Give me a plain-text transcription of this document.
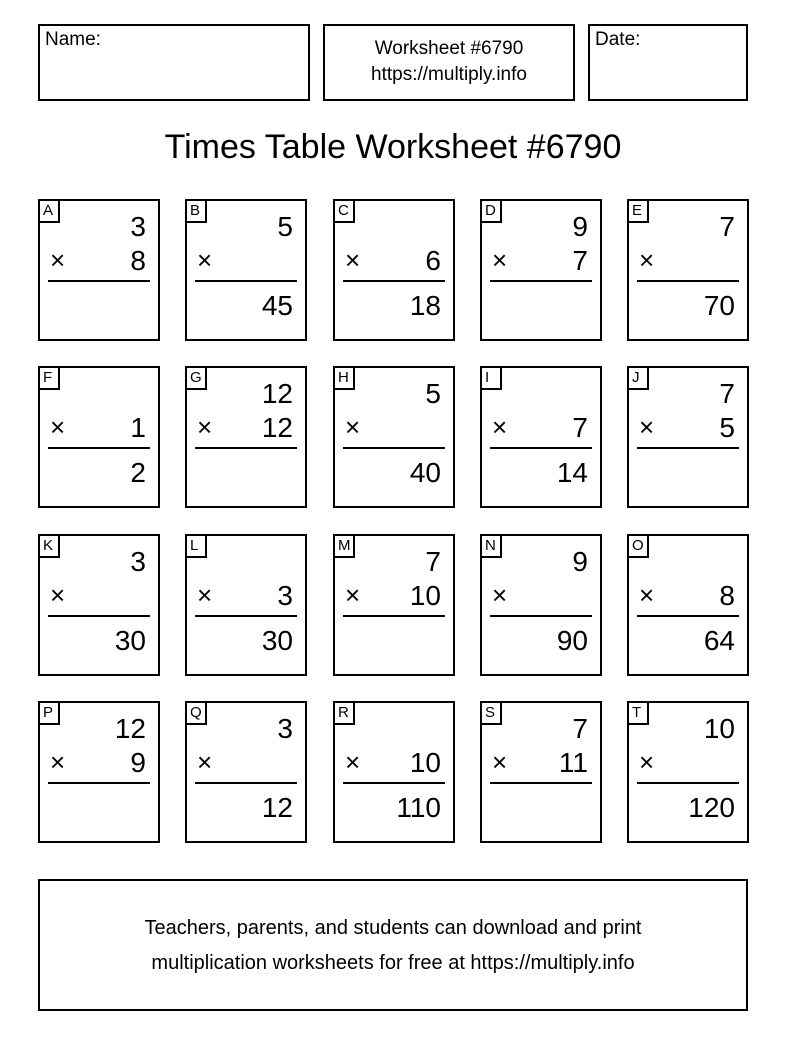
Name:	Worksheet #6790
https://multiply.info
Date:
Times Table Worksheet #6790
A
3
× 8
B
5
×
45
C
× 6
18
D
9
× 7
E
7
×
70
F
× 1
2
G
12
× 12
H
5
×
40
I
× 7
14
J
7
× 5
K
3
×
30
L
× 3
30
M
7
× 10
N
9
×
90
O
× 8
64
P
12
× 9
Q
3
×
12
R
× 10
110
S
7
× 11
T
10
×
120
Teachers, parents, and students can download and print
multiplication worksheets for free at https://multiply.info
